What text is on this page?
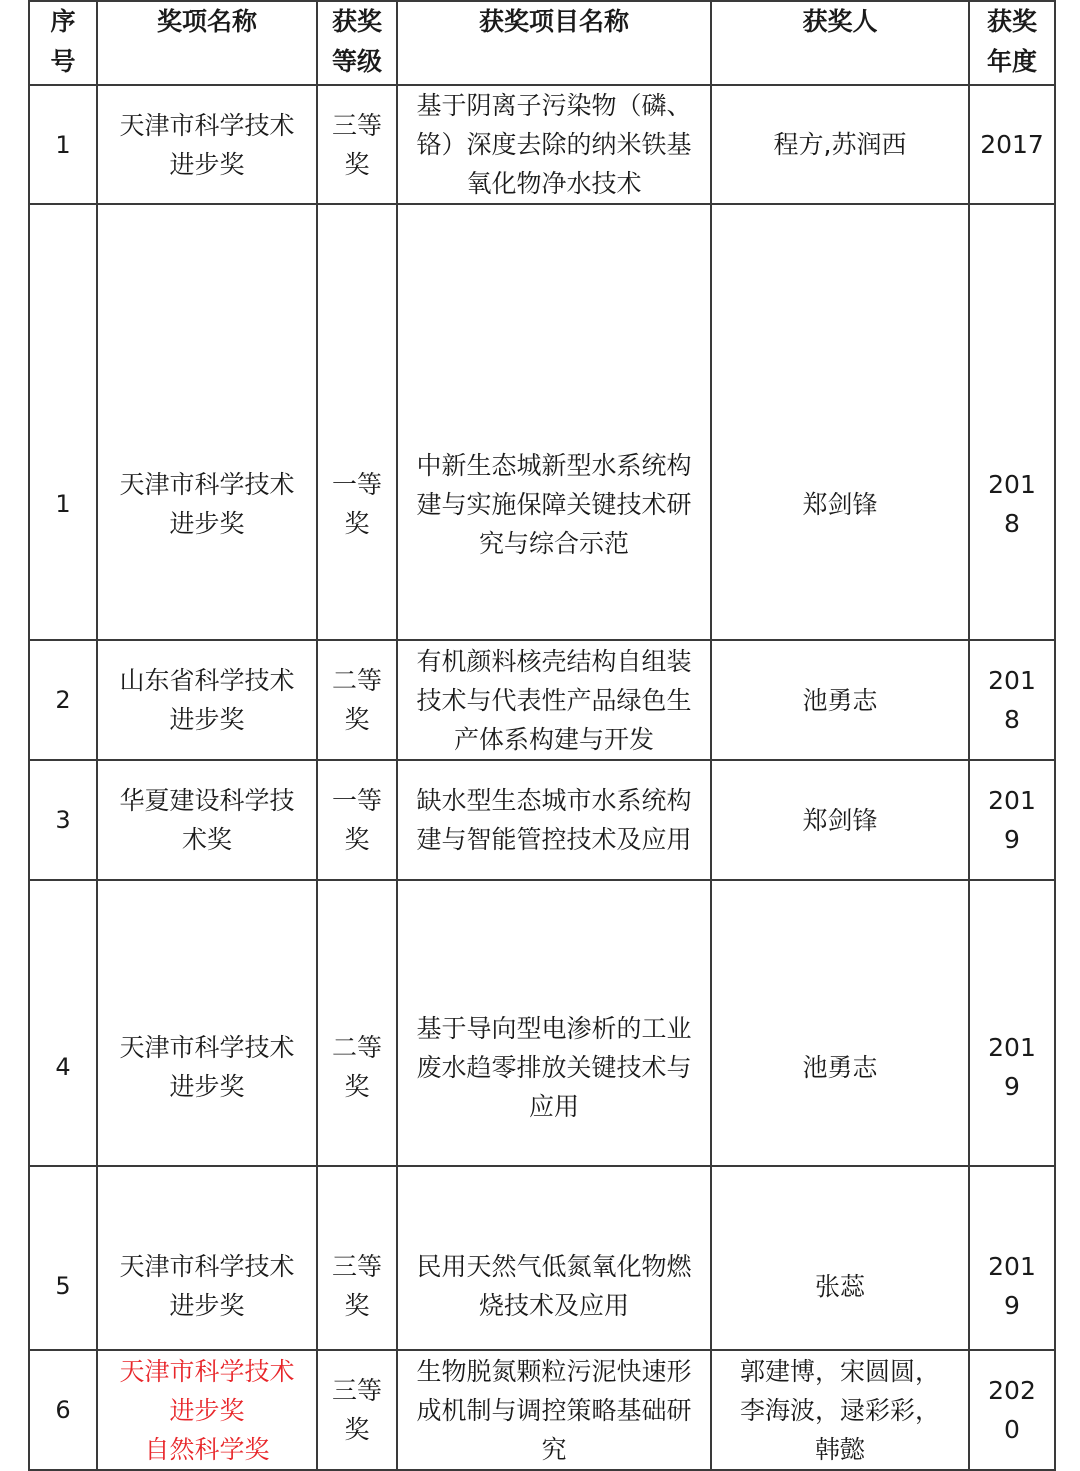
序号	奖项名称	获奖等级	获奖项目名称	获奖人	获奖年度

1	天津市科学技术进步奖	三等奖	基于阴离子污染物（磷、铬）深度去除的纳米铁基氧化物净水技术	程方,苏润西	2017
1	天津市科学技术进步奖	一等奖	中新生态城新型水系统构建与实施保障关键技术研究与综合示范	郑剑锋	2018

2	山东省科学技术进步奖	二等奖	有机颜料核壳结构自组装技术与代表性产品绿色生产体系构建与开发	池勇志	2018

3	华夏建设科学技术奖	一等奖	缺水型生态城市水系统构建与智能管控技术及应用	郑剑锋	2019

4	天津市科学技术进步奖	二等奖	基于导向型电渗析的工业废水趋零排放关键技术与应用	池勇志	2019

5	天津市科学技术进步奖	三等奖	民用天然气低氮氧化物燃烧技术及应用	张蕊	2019

6	天津市科学技术进步奖
自然科学奖	三等奖	生物脱氮颗粒污泥快速形成机制与调控策略基础研究	郭建博，宋圆圆，李海波，逯彩彩，韩懿	2020
